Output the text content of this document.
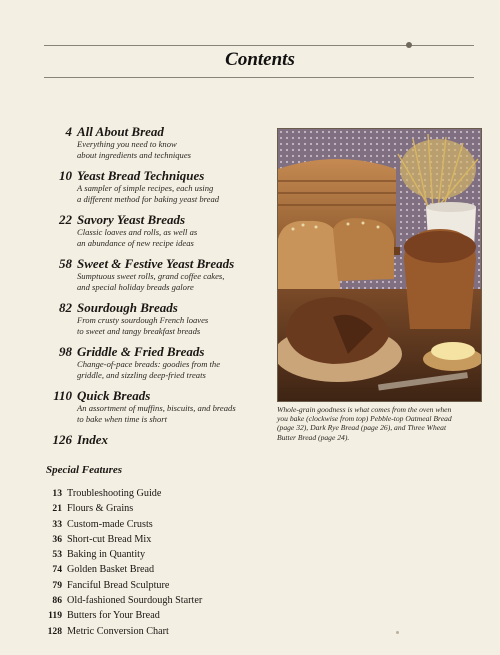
Contents
4 All About Bread
Everything you need to know
about ingredients and techniques
10 Yeast Bread Techniques
A sampler of simple recipes, each using
a different method for baking yeast bread
22 Savory Yeast Breads
Classic loaves and rolls, as well as
an abundance of new recipe ideas
58 Sweet & Festive Yeast Breads
Sumptuous sweet rolls, grand coffee cakes,
and special holiday breads galore
82 Sourdough Breads
From crusty sourdough French loaves
to sweet and tangy breakfast breads
98 Griddle & Fried Breads
Change-of-pace breads: goodies from the
griddle, and sizzling deep-fried treats
110 Quick Breads
An assortment of muffins, biscuits, and breads
to bake when time is short
126 Index
Whole-grain goodness is what comes from the oven when
you bake (clockwise from top) Pebble-top Oatmeal Bread
(page 32), Dark Rye Bread (page 26), and Three Wheat
Butter Bread (page 24).
Special Features
13 Troubleshooting Guide
21 Flours & Grains
33 Custom-made Crusts
36 Short-cut Bread Mix
53 Baking in Quantity
74 Golden Basket Bread
79 Fanciful Bread Sculpture
86 Old-fashioned Sourdough Starter
119 Butters for Your Bread
128 Metric Conversion Chart
